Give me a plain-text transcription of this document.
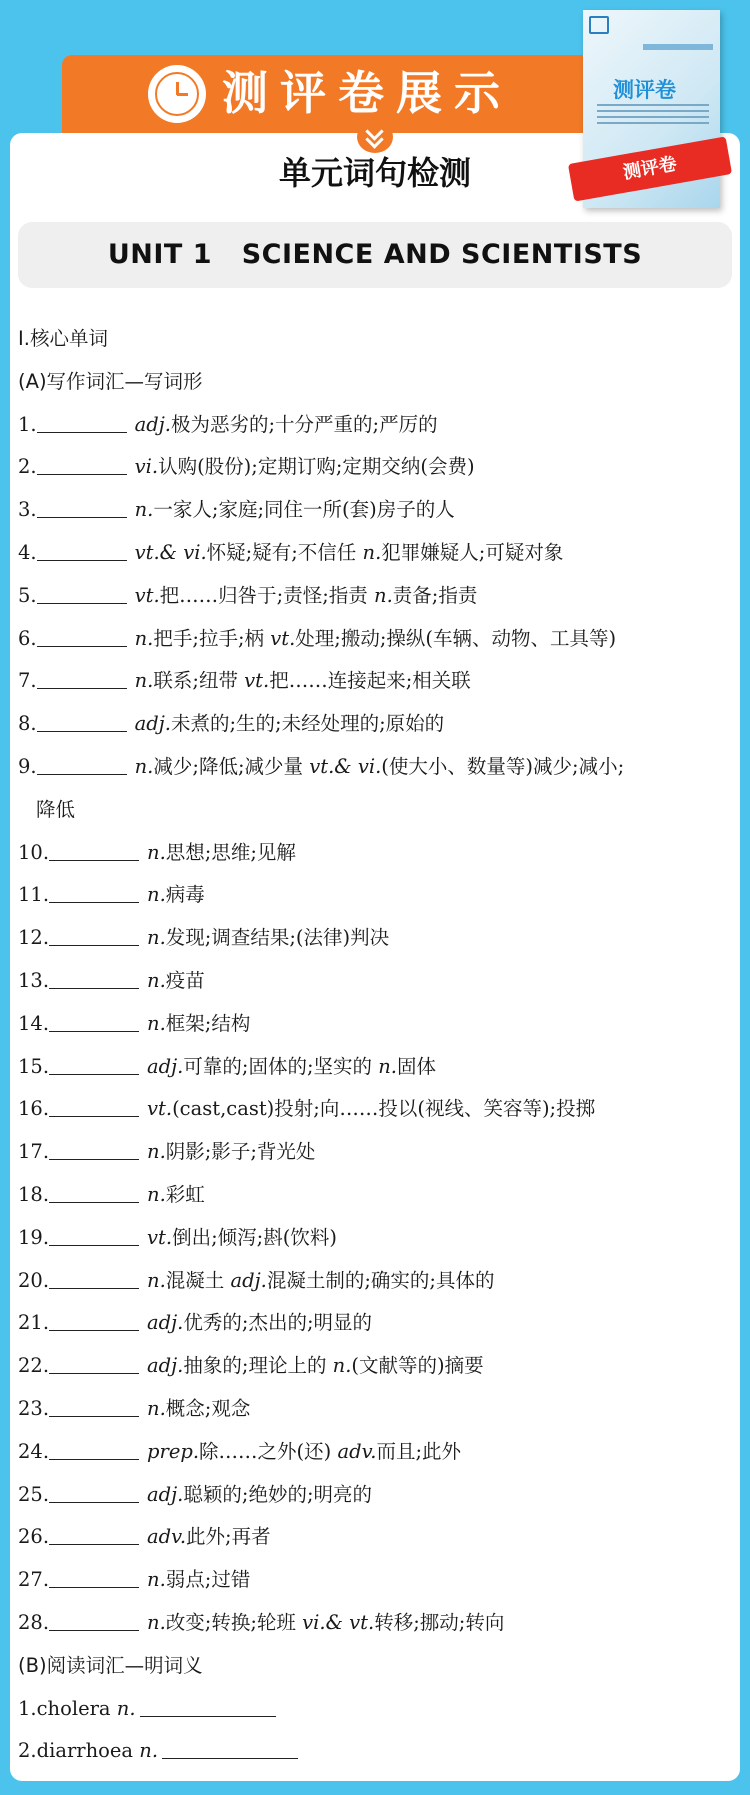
测评卷展示
单元词句检测
测评卷
测评卷
UNIT 1   SCIENCE AND SCIENTISTS
Ⅰ.核心单词
(A)写作词汇—写词形
1.	adj.极为恶劣的;十分严重的;严厉的
2.	vi.认购(股份);定期订购;定期交纳(会费)
3.	n.一家人;家庭;同住一所(套)房子的人
4.	vt.& vi.怀疑;疑有;不信任 n.犯罪嫌疑人;可疑对象
5.	vt.把……归咎于;责怪;指责 n.责备;指责
6.	n.把手;拉手;柄 vt.处理;搬动;操纵(车辆、动物、工具等)
7.	n.联系;纽带 vt.把……连接起来;相关联
8.	adj.未煮的;生的;未经处理的;原始的
9.	n.减少;降低;减少量 vt.& vi.(使大小、数量等)减少;减小;
降低
10.	n.思想;思维;见解
11.	n.病毒
12.	n.发现;调查结果;(法律)判决
13.	n.疫苗
14.	n.框架;结构
15.	adj.可靠的;固体的;坚实的 n.固体
16.	vt.(cast,cast)投射;向……投以(视线、笑容等);投掷
17.	n.阴影;影子;背光处
18.	n.彩虹
19.	vt.倒出;倾泻;斟(饮料)
20.	n.混凝土 adj.混凝土制的;确实的;具体的
21.	adj.优秀的;杰出的;明显的
22.	adj.抽象的;理论上的 n.(文献等的)摘要
23.	n.概念;观念
24.	prep.除……之外(还) adv.而且;此外
25.	adj.聪颖的;绝妙的;明亮的
26.	adv.此外;再者
27.	n.弱点;过错
28.	n.改变;转换;轮班 vi.& vt.转移;挪动;转向
(B)阅读词汇—明词义
1.cholera n.
2.diarrhoea n.
